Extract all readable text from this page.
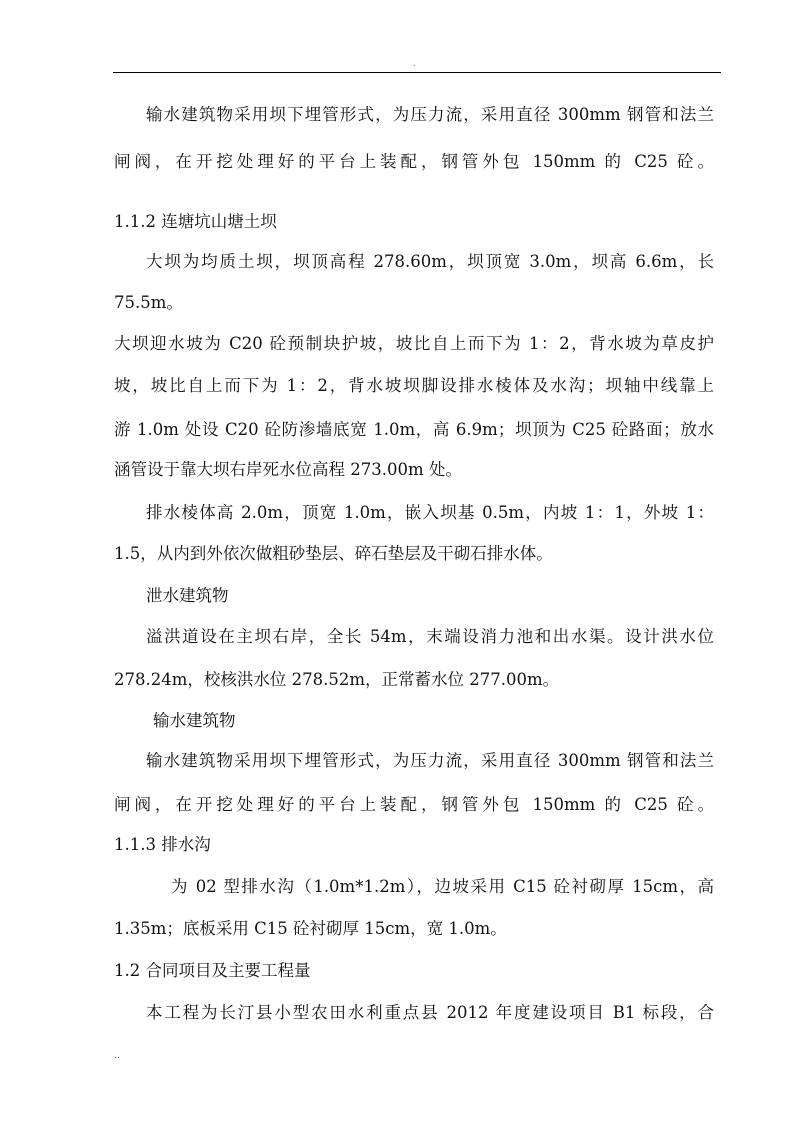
.

输水建筑物采用坝下埋管形式，为压力流，采用直径 300mm 钢管和法兰

闸阀，在开挖处理好的平台上装配，钢管外包 150mm 的 C25 砼。

1.1.2 连塘坑山塘土坝

大坝为均质土坝，坝顶高程 278.60m，坝顶宽 3.0m，坝高 6.6m，长

75.5m。

大坝迎水坡为 C20 砼预制块护坡，坡比自上而下为 1：2，背水坡为草皮护

坡，坡比自上而下为 1：2，背水坡坝脚设排水棱体及水沟；坝轴中线靠上

游 1.0m 处设 C20 砼防渗墙底宽 1.0m，高 6.9m；坝顶为 C25 砼路面；放水

涵管设于靠大坝右岸死水位高程 273.00m 处。

排水棱体高 2.0m，顶宽 1.0m，嵌入坝基 0.5m，内坡 1：1，外坡 1：

1.5，从内到外依次做粗砂垫层、碎石垫层及干砌石排水体。

泄水建筑物

溢洪道设在主坝右岸，全长 54m，末端设消力池和出水渠。设计洪水位

278.24m，校核洪水位 278.52m，正常蓄水位 277.00m。

输水建筑物

输水建筑物采用坝下埋管形式，为压力流，采用直径 300mm 钢管和法兰

闸阀，在开挖处理好的平台上装配，钢管外包 150mm 的 C25 砼。

1.1.3 排水沟

为 02 型排水沟（1.0m*1.2m），边坡采用 C15 砼衬砌厚 15cm，高

1.35m；底板采用 C15 砼衬砌厚 15cm，宽 1.0m。

1.2 合同项目及主要工程量

本工程为长汀县小型农田水利重点县 2012 年度建设项目 B1 标段，合

..
